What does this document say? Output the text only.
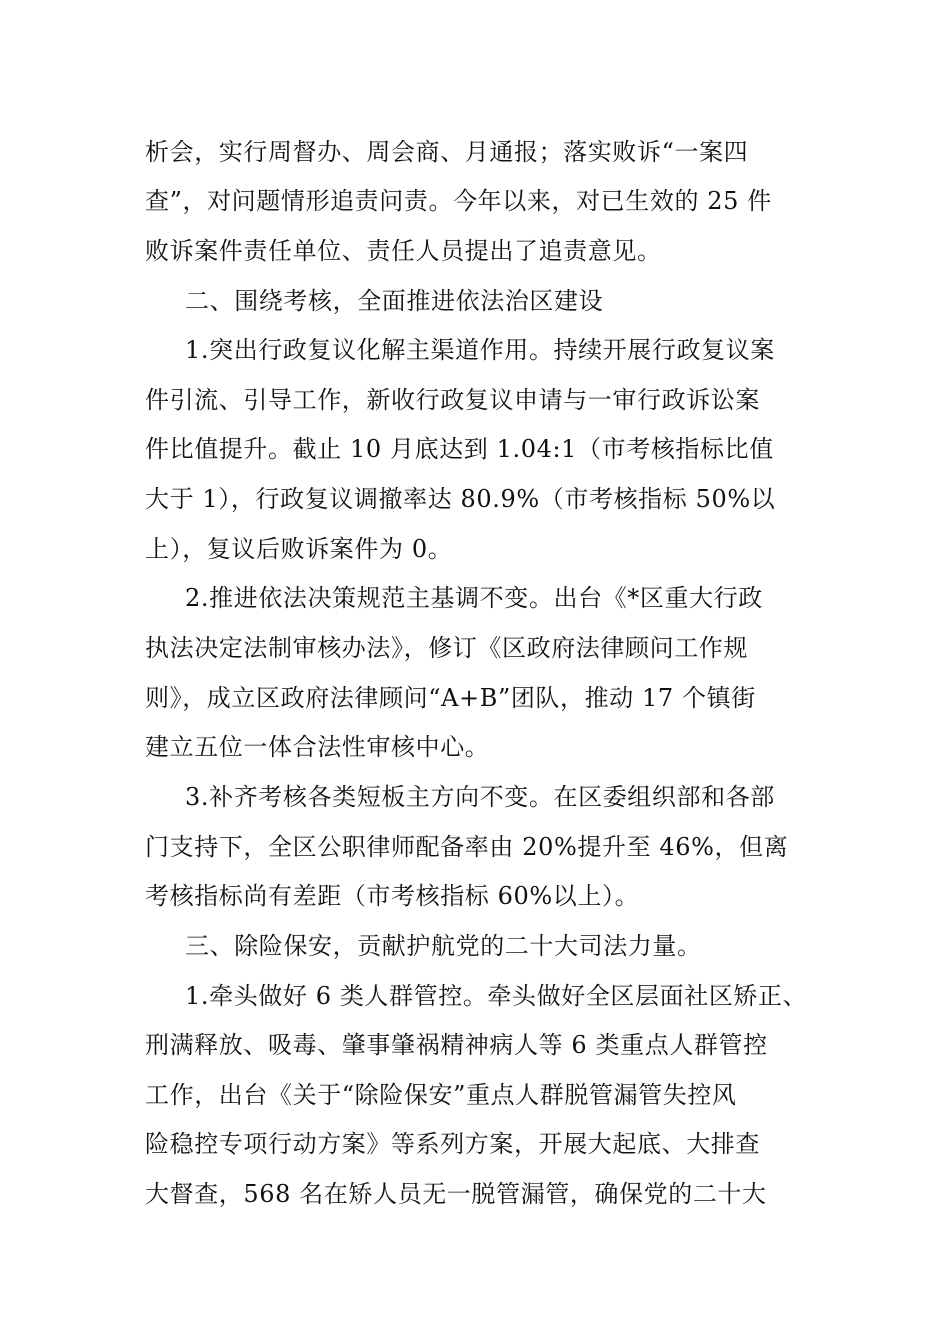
析会，实行周督办、周会商、月通报；落实败诉“一案四
查”，对问题情形追责问责。今年以来，对已生效的 25 件
败诉案件责任单位、责任人员提出了追责意见。
二、围绕考核，全面推进依法治区建设
1.突出行政复议化解主渠道作用。持续开展行政复议案
件引流、引导工作，新收行政复议申请与一审行政诉讼案
件比值提升。截止 10 月底达到 1.04:1（市考核指标比值
大于 1），行政复议调撤率达 80.9%（市考核指标 50%以
上），复议后败诉案件为 0。
2.推进依法决策规范主基调不变。出台《*区重大行政
执法决定法制审核办法》，修订《区政府法律顾问工作规
则》，成立区政府法律顾问“A+B”团队，推动 17 个镇街
建立五位一体合法性审核中心。
3.补齐考核各类短板主方向不变。在区委组织部和各部
门支持下，全区公职律师配备率由 20%提升至 46%，但离
考核指标尚有差距（市考核指标 60%以上）。
三、除险保安，贡献护航党的二十大司法力量。
1.牵头做好 6 类人群管控。牵头做好全区层面社区矫正、
刑满释放、吸毒、肇事肇祸精神病人等 6 类重点人群管控
工作，出台《关于“除险保安”重点人群脱管漏管失控风
险稳控专项行动方案》等系列方案，开展大起底、大排查
大督查，568 名在矫人员无一脱管漏管，确保党的二十大
